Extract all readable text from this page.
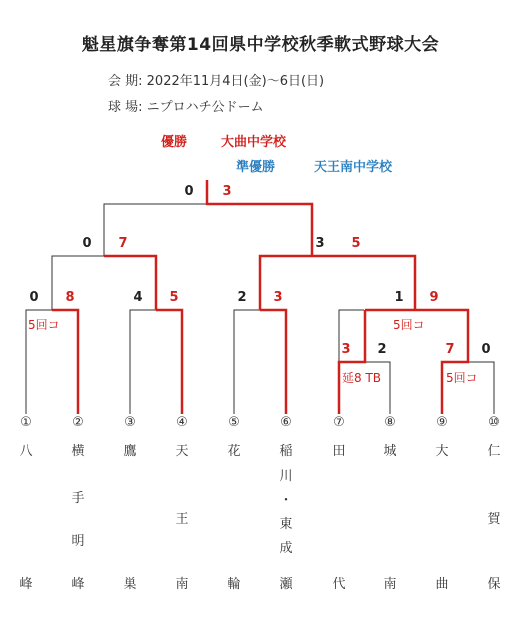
魁星旗争奪第14回県中学校秋季軟式野球大会
会 期: 2022年11月4日(金)〜6日(日)
球 場: ニプロハチ公ドーム
優勝	大曲中学校
準優勝	天王南中学校
0 3
0 7	3 5
0 8
5回コ
4 5	2 3	1 9
5回コ
3 2
延8 TB
7 0
5回コ
①
八
峰
②
横
手
明
峰
③
鷹
巣
④
天
王
南
⑤
花
輪
⑥
稲
川
・
東
成
瀬
⑦
田
代
⑧
城
南
⑨
大
曲
⑩
仁
賀
保
